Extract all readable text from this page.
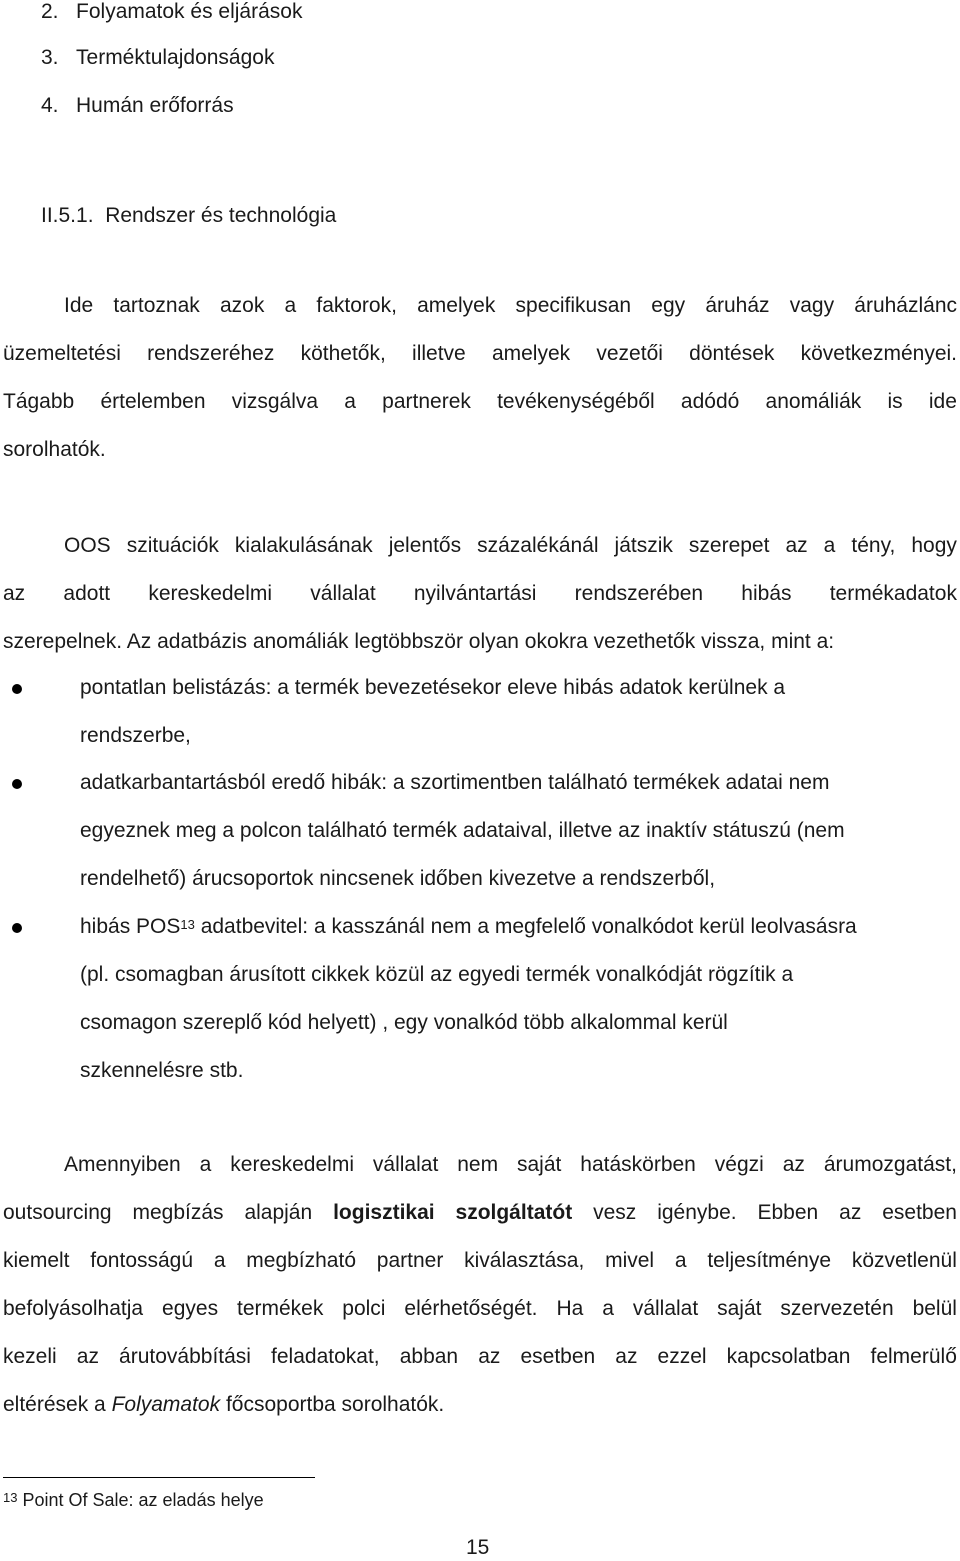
2.   Folyamatok és eljárások
3.   Terméktulajdonságok
4.   Humán erőforrás
II.5.1.  Rendszer és technológia
Ide tartoznak azok a faktorok, amelyek specifikusan egy áruház vagy áruházlánc
üzemeltetési rendszeréhez köthetők, illetve amelyek vezetői döntések következményei.
Tágabb értelemben vizsgálva a partnerek tevékenységéből adódó anomáliák is ide
sorolhatók.
OOS szituációk kialakulásának jelentős százalékánál játszik szerepet az a tény, hogy
az adott kereskedelmi vállalat nyilvántartási rendszerében hibás termékadatok
szerepelnek. Az adatbázis anomáliák legtöbbször olyan okokra vezethetők vissza, mint a:
pontatlan belistázás: a termék bevezetésekor eleve hibás adatok kerülnek a
rendszerbe,
adatkarbantartásból eredő hibák: a szortimentben található termékek adatai nem
egyeznek meg a polcon található termék adataival, illetve az inaktív státuszú (nem
rendelhető) árucsoportok nincsenek időben kivezetve a rendszerből,
hibás POS$^{13}$ adatbevitel: a kasszánál nem a megfelelő vonalkódot kerül leolvasásra
(pl. csomagban árusított cikkek közül az egyedi termék vonalkódját rögzítik a
csomagon szereplő kód helyett) , egy vonalkód több alkalommal kerül
szkennelésre stb.
Amennyiben a kereskedelmi vállalat nem saját hatáskörben végzi az árumozgatást,
outsourcing megbízás alapján logisztikai szolgáltatót vesz igénybe. Ebben az esetben
kiemelt fontosságú a megbízható partner kiválasztása, mivel a teljesítménye közvetlenül
befolyásolhatja egyes termékek polci elérhetőségét. Ha a vállalat saját szervezetén belül
kezeli az árutovábbítási feladatokat, abban az esetben az ezzel kapcsolatban felmerülő
eltérések a Folyamatok főcsoportba sorolhatók.
$^{13}$ Point Of Sale: az eladás helye
15
